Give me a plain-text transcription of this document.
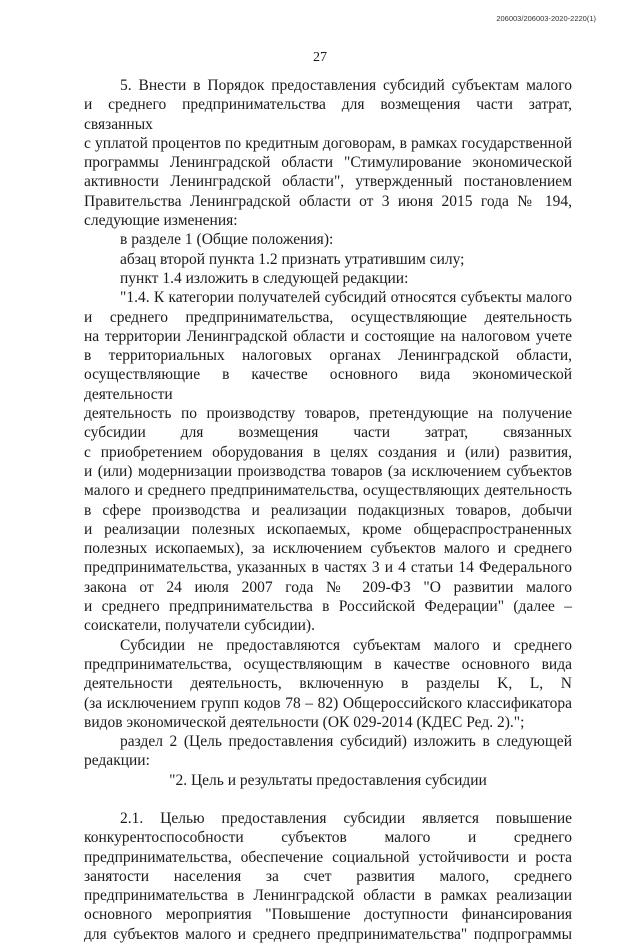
206003/206003-2020-2220(1)
27

5. Внести в Порядок предоставления субсидий субъектам малого

и среднего предпринимательства для возмещения части затрат, связанных

с уплатой процентов по кредитным договорам, в рамках государственной

программы Ленинградской области "Стимулирование экономической

активности Ленинградской области", утвержденный постановлением

Правительства Ленинградской области от 3 июня 2015 года № 194,

следующие изменения:

в разделе 1 (Общие положения):

абзац второй пункта 1.2 признать утратившим силу;

пункт 1.4 изложить в следующей редакции:

"1.4. К категории получателей субсидий относятся субъекты малого

и среднего предпринимательства, осуществляющие деятельность

на территории Ленинградской области и состоящие на налоговом учете

в территориальных налоговых органах Ленинградской области,

осуществляющие в качестве основного вида экономической деятельности

деятельность по производству товаров, претендующие на получение

субсидии для возмещения части затрат, связанных

с приобретением оборудования в целях создания и (или) развития,

и (или) модернизации производства товаров (за исключением субъектов

малого и среднего предпринимательства, осуществляющих деятельность

в сфере производства и реализации подакцизных товаров, добычи

и реализации полезных ископаемых, кроме общераспространенных

полезных ископаемых), за исключением субъектов малого и среднего

предпринимательства, указанных в частях 3 и 4 статьи 14 Федерального

закона от 24 июля 2007 года № 209-ФЗ "О развитии малого

и среднего предпринимательства в Российской Федерации" (далее –

соискатели, получатели субсидии).

Субсидии не предоставляются субъектам малого и среднего

предпринимательства, осуществляющим в качестве основного вида

деятельности деятельность, включенную в разделы K, L, N

(за исключением групп кодов 78 – 82) Общероссийского классификатора

видов экономической деятельности (ОК 029-2014 (КДЕС Ред. 2).";

раздел 2 (Цель предоставления субсидий) изложить в следующей

редакции:

"2. Цель и результаты предоставления субсидии

2.1. Целью предоставления субсидии является повышение

конкурентоспособности субъектов малого и среднего

предпринимательства, обеспечение социальной устойчивости и роста

занятости населения за счет развития малого, среднего

предпринимательства в Ленинградской области в рамках реализации

основного мероприятия "Повышение доступности финансирования

для субъектов малого и среднего предпринимательства" подпрограммы
